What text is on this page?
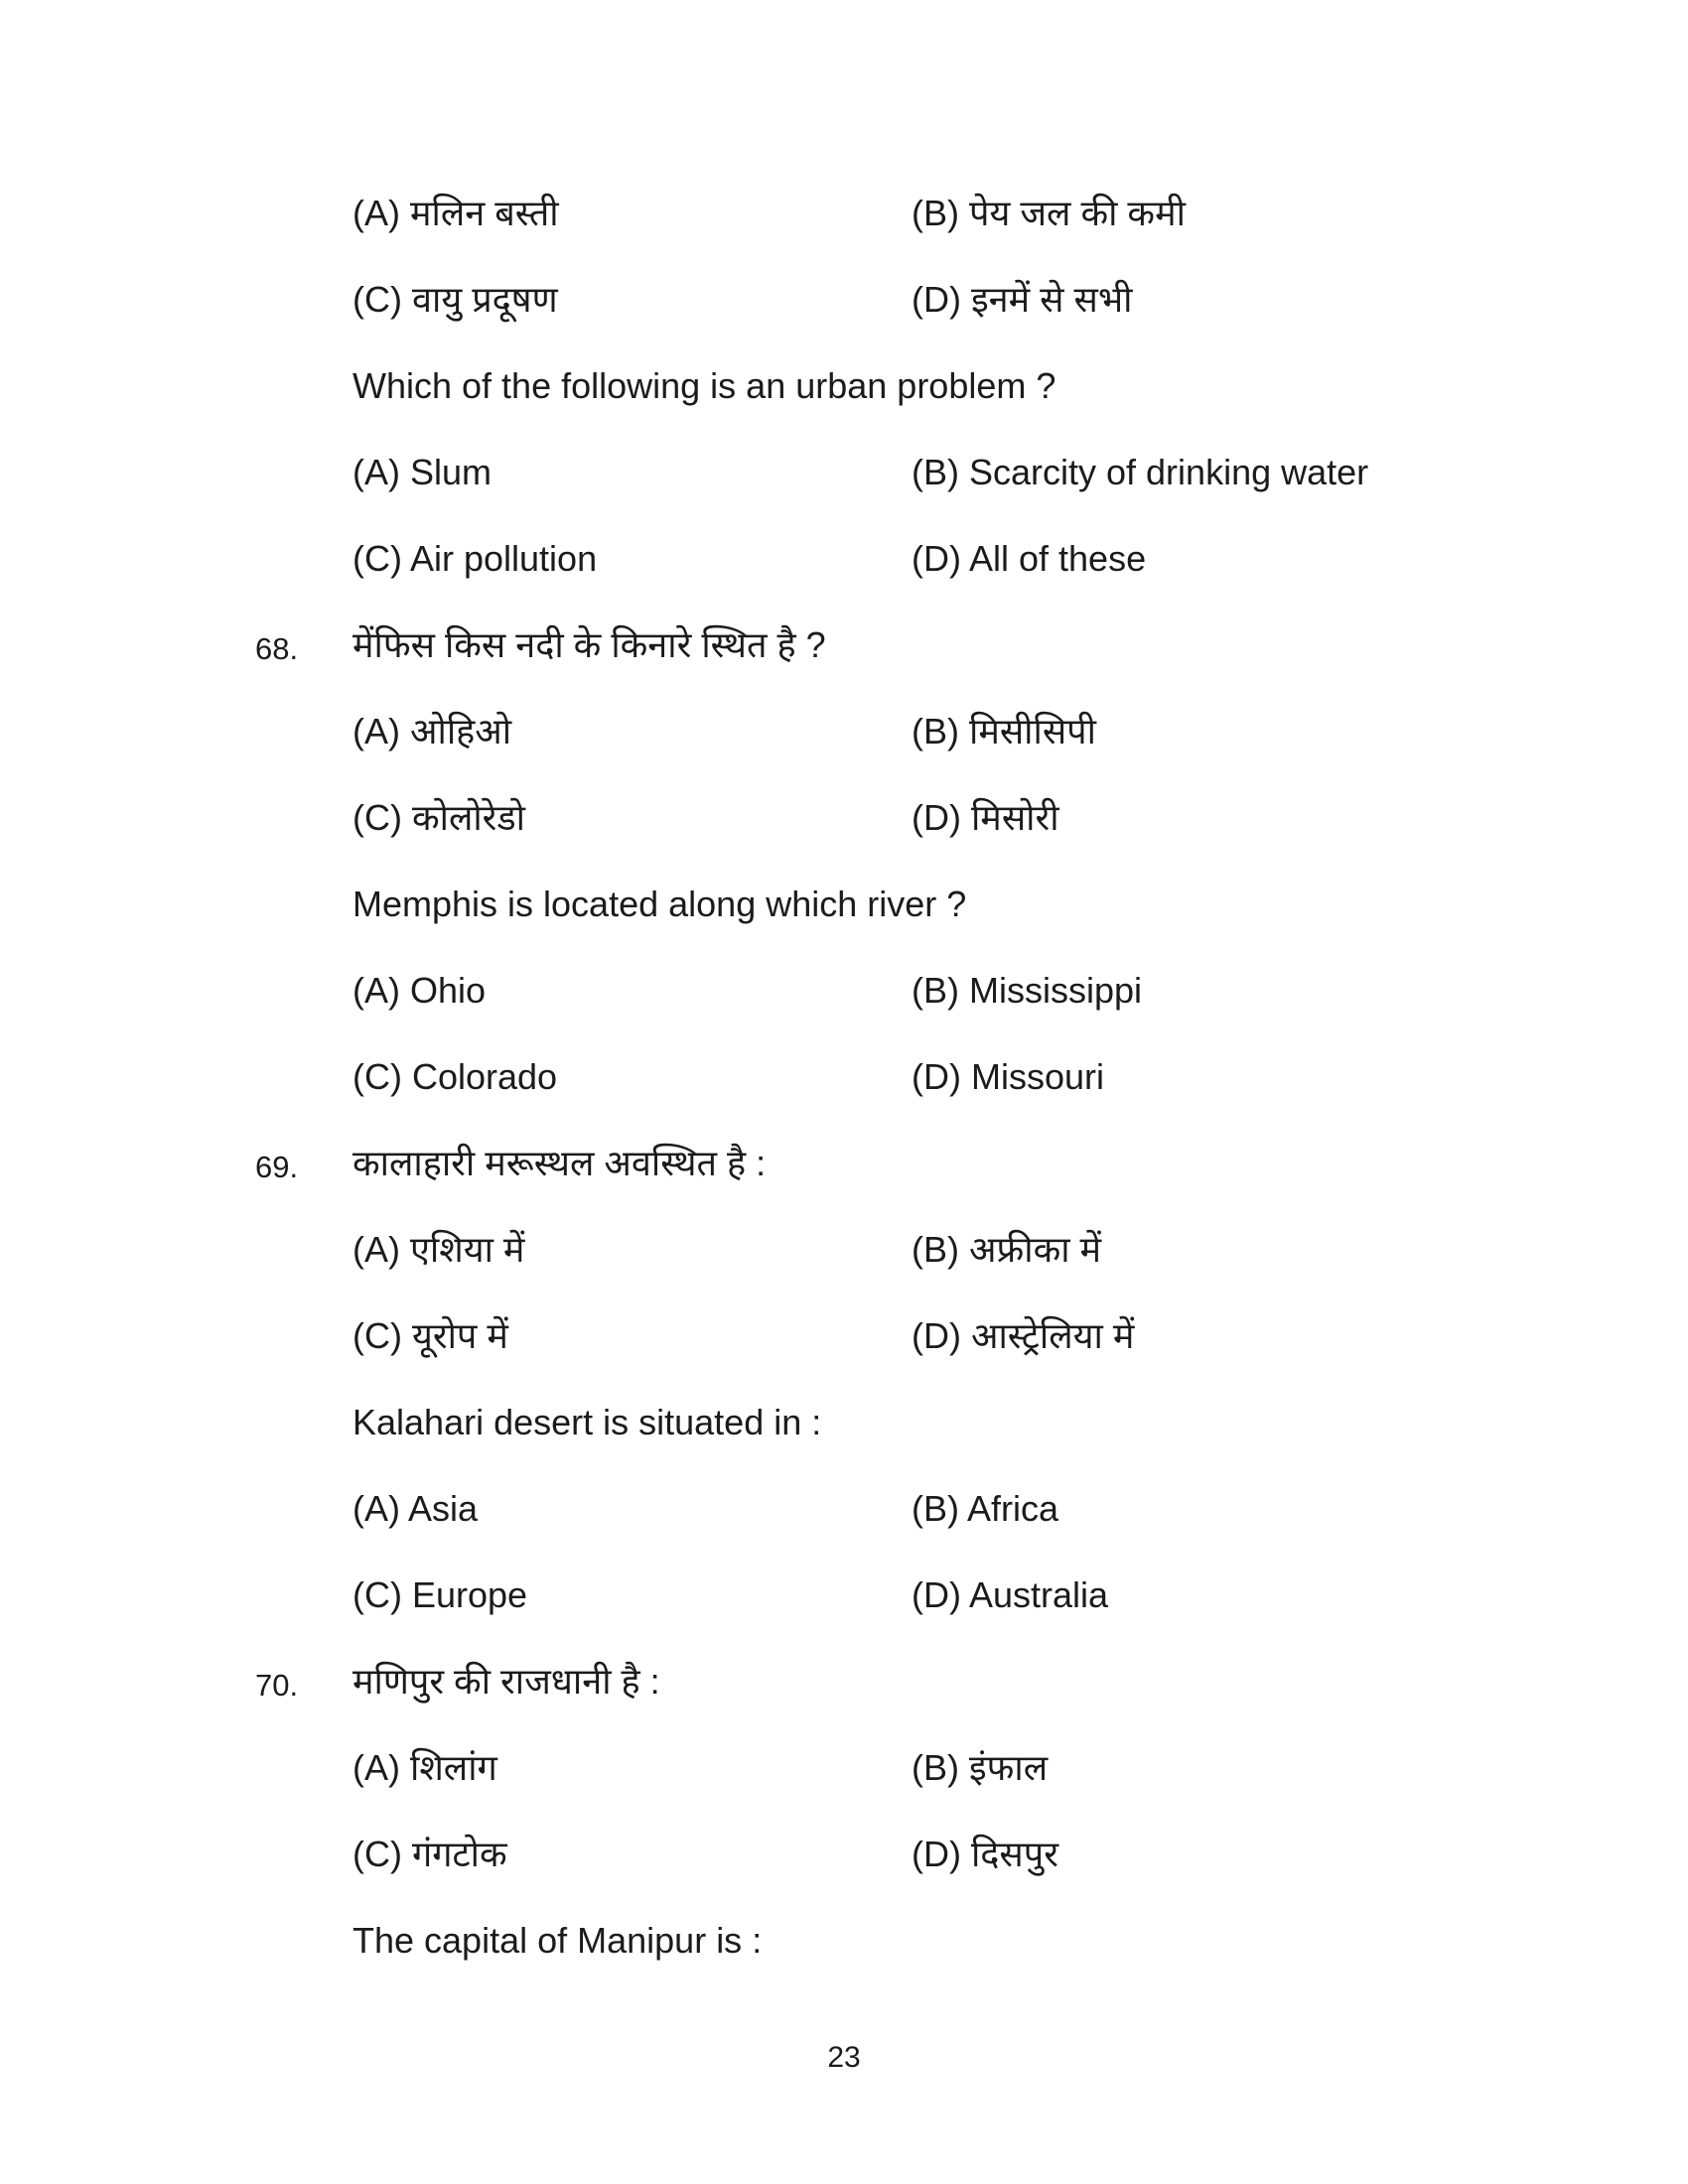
(A) मलिन बस्ती	(B) पेय जल की कमी
(C) वायु प्रदूषण	(D) इनमें से सभी
Which of the following is an urban problem ?
(A) Slum	(B) Scarcity of drinking water
(C) Air pollution	(D) All of these
68. मेंफिस किस नदी के किनारे स्थित है ?
(A) ओहिओ	(B) मिसीसिपी
(C) कोलोरेडो	(D) मिसोरी
Memphis is located along which river ?
(A) Ohio	(B) Mississippi
(C) Colorado	(D) Missouri
69. कालाहारी मरूस्थल अवस्थित है :
(A) एशिया में	(B) अफ्रीका में
(C) यूरोप में	(D) आस्ट्रेलिया में
Kalahari desert is situated in :
(A) Asia	(B) Africa
(C) Europe	(D) Australia
70. मणिपुर की राजधानी है :
(A) शिलांग	(B) इंफाल
(C) गंगटोक	(D) दिसपुर
The capital of Manipur is :
23
